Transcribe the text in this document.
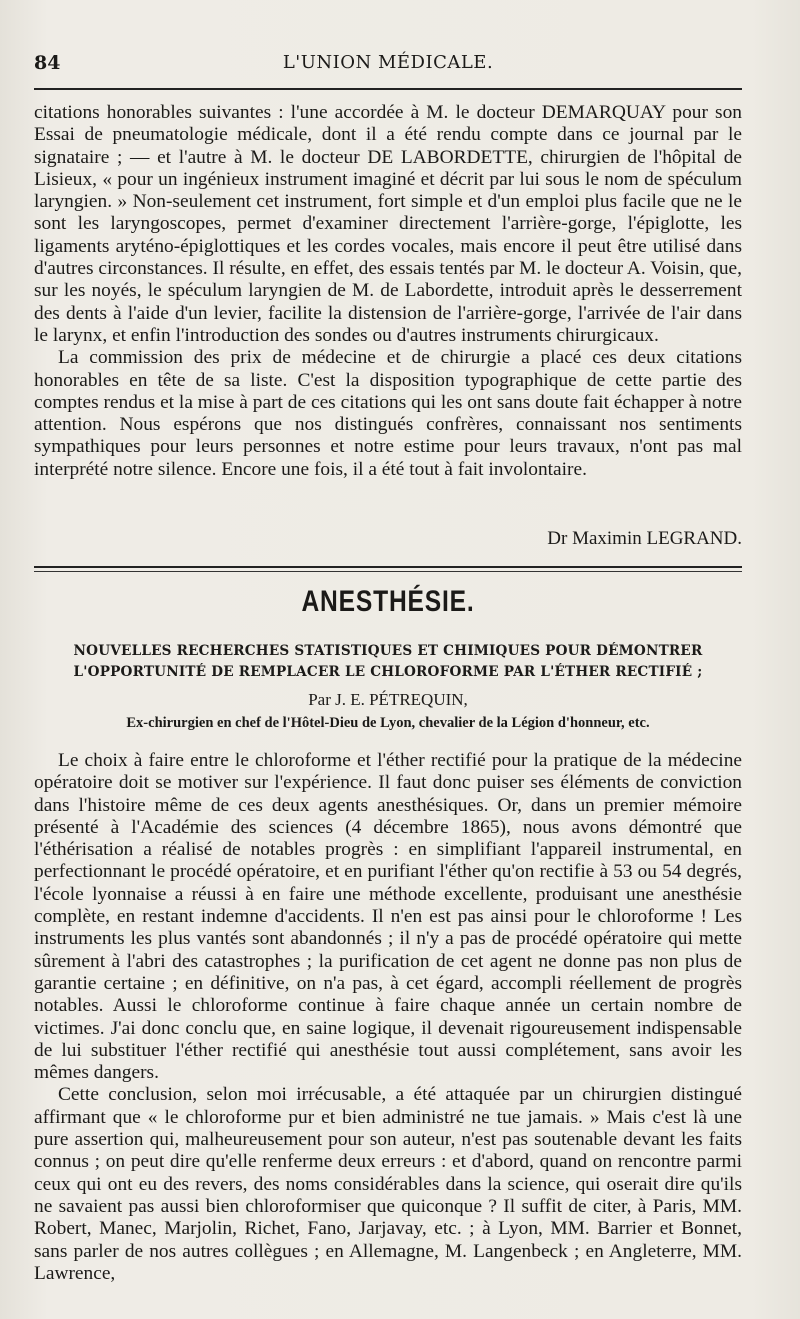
84	L'UNION MÉDICALE.

citations honorables suivantes : l'une accordée à M. le docteur DEMARQUAY pour son Essai de pneumatologie médicale, dont il a été rendu compte dans ce journal par le signataire ; — et l'autre à M. le docteur DE LABORDETTE, chirurgien de l'hôpital de Lisieux, « pour un ingénieux instrument imaginé et décrit par lui sous le nom de spéculum laryngien. » Non-seulement cet instrument, fort simple et d'un emploi plus facile que ne le sont les laryngoscopes, permet d'examiner directement l'arrière-gorge, l'épiglotte, les ligaments aryténo-épiglottiques et les cordes vocales, mais encore il peut être utilisé dans d'autres circonstances. Il résulte, en effet, des essais tentés par M. le docteur A. Voisin, que, sur les noyés, le spéculum laryngien de M. de Labordette, introduit après le desserrement des dents à l'aide d'un levier, facilite la distension de l'arrière-gorge, l'arrivée de l'air dans le larynx, et enfin l'introduction des sondes ou d'autres instruments chirurgicaux.

La commission des prix de médecine et de chirurgie a placé ces deux citations honorables en tête de sa liste. C'est la disposition typographique de cette partie des comptes rendus et la mise à part de ces citations qui les ont sans doute fait échapper à notre attention. Nous espérons que nos distingués confrères, connaissant nos sentiments sympathiques pour leurs personnes et notre estime pour leurs travaux, n'ont pas mal interprété notre silence. Encore une fois, il a été tout à fait involontaire.

Dr Maximin LEGRAND.
ANESTHÉSIE.
NOUVELLES RECHERCHES STATISTIQUES ET CHIMIQUES POUR DÉMONTRER L'OPPORTUNITÉ DE REMPLACER LE CHLOROFORME PAR L'ÉTHER RECTIFIÉ ;
Par J. E. PÉTREQUIN,
Ex-chirurgien en chef de l'Hôtel-Dieu de Lyon, chevalier de la Légion d'honneur, etc.

Le choix à faire entre le chloroforme et l'éther rectifié pour la pratique de la médecine opératoire doit se motiver sur l'expérience. Il faut donc puiser ses éléments de conviction dans l'histoire même de ces deux agents anesthésiques. Or, dans un premier mémoire présenté à l'Académie des sciences (4 décembre 1865), nous avons démontré que l'éthérisation a réalisé de notables progrès : en simplifiant l'appareil instrumental, en perfectionnant le procédé opératoire, et en purifiant l'éther qu'on rectifie à 53 ou 54 degrés, l'école lyonnaise a réussi à en faire une méthode excellente, produisant une anesthésie complète, en restant indemne d'accidents. Il n'en est pas ainsi pour le chloroforme ! Les instruments les plus vantés sont abandonnés ; il n'y a pas de procédé opératoire qui mette sûrement à l'abri des catastrophes ; la purification de cet agent ne donne pas non plus de garantie certaine ; en définitive, on n'a pas, à cet égard, accompli réellement de progrès notables. Aussi le chloroforme continue à faire chaque année un certain nombre de victimes. J'ai donc conclu que, en saine logique, il devenait rigoureusement indispensable de lui substituer l'éther rectifié qui anesthésie tout aussi complétement, sans avoir les mêmes dangers.

Cette conclusion, selon moi irrécusable, a été attaquée par un chirurgien distingué affirmant que « le chloroforme pur et bien administré ne tue jamais. » Mais c'est là une pure assertion qui, malheureusement pour son auteur, n'est pas soutenable devant les faits connus ; on peut dire qu'elle renferme deux erreurs : et d'abord, quand on rencontre parmi ceux qui ont eu des revers, des noms considérables dans la science, qui oserait dire qu'ils ne savaient pas aussi bien chloroformiser que quiconque ? Il suffit de citer, à Paris, MM. Robert, Manec, Marjolin, Richet, Fano, Jarjavay, etc. ; à Lyon, MM. Barrier et Bonnet, sans parler de nos autres collègues ; en Allemagne, M. Langenbeck ; en Angleterre, MM. Lawrence,
